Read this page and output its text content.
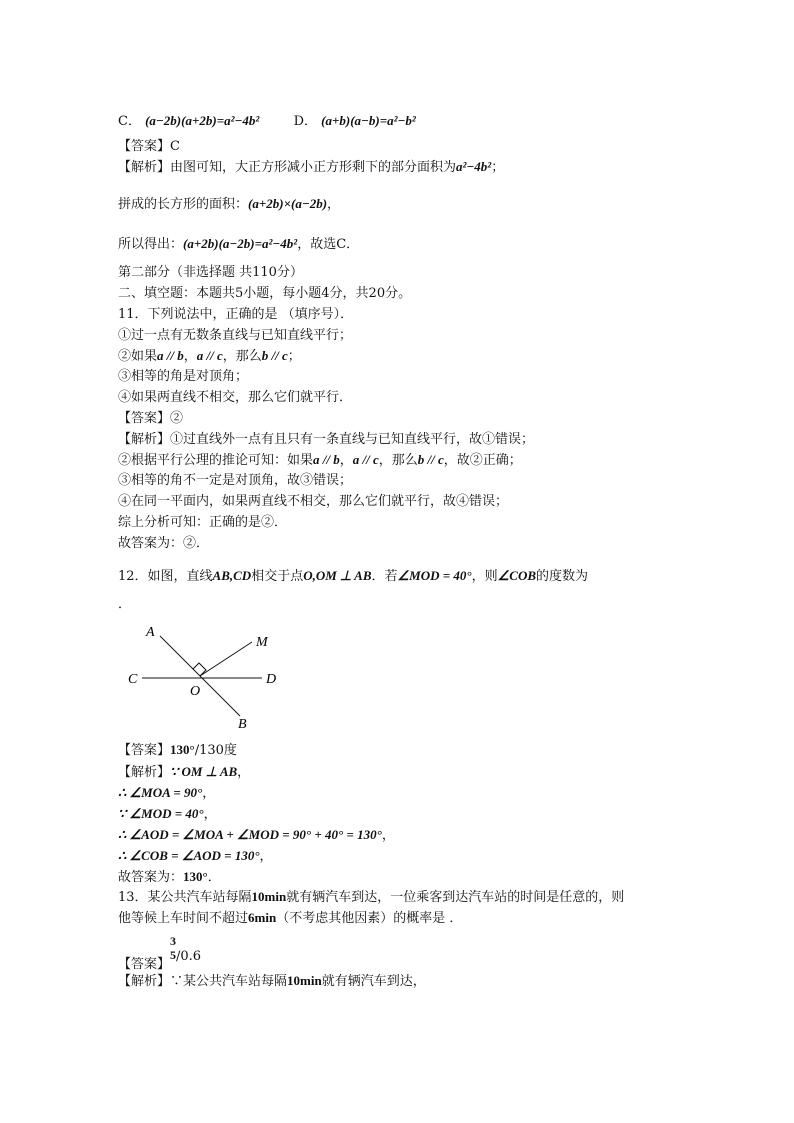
C． (a−2b)(a+2b)=a²−4b²	D． (a+b)(a−b)=a²−b²
【答案】C
【解析】由图可知，大正方形减小正方形剩下的部分面积为a²−4b²；
拼成的长方形的面积：(a+2b)×(a−2b)，
所以得出：(a+2b)(a−2b)=a²−4b²，故选C．
第二部分（非选择题 共110分）
二、填空题：本题共5小题，每小题4分，共20分。
11．下列说法中，正确的是 （填序号）．
①过一点有无数条直线与已知直线平行；
②如果a // b，a // c，那么b // c；
③相等的角是对顶角；
④如果两直线不相交，那么它们就平行．
【答案】②
【解析】①过直线外一点有且只有一条直线与已知直线平行，故①错误；
②根据平行公理的推论可知：如果a // b，a // c，那么b // c，故②正确；
③相等的角不一定是对顶角，故③错误；
④在同一平面内，如果两直线不相交，那么它们就平行，故④错误；
综上分析可知：正确的是②．
故答案为：②．
12．如图，直线AB,CD相交于点O,OM ⊥ AB．若∠MOD = 40°，则∠COB的度数为
．
A
M
C	D
O
B
【答案】130°/130度
【解析】∵ OM ⊥ AB，
∴ ∠MOA = 90°，
∵ ∠MOD = 40°，
∴ ∠AOD = ∠MOA + ∠MOD = 90° + 40° = 130°，
∴ ∠COB = ∠AOD = 130°，
故答案为：130°．
13．某公共汽车站每隔10min就有辆汽车到达，一位乘客到达汽车站的时间是任意的，则
他等候上车时间不超过6min（不考虑其他因素）的概率是 ．
【答案】
3
5 /0.6
【解析】∵某公共汽车站每隔10min就有辆汽车到达，
